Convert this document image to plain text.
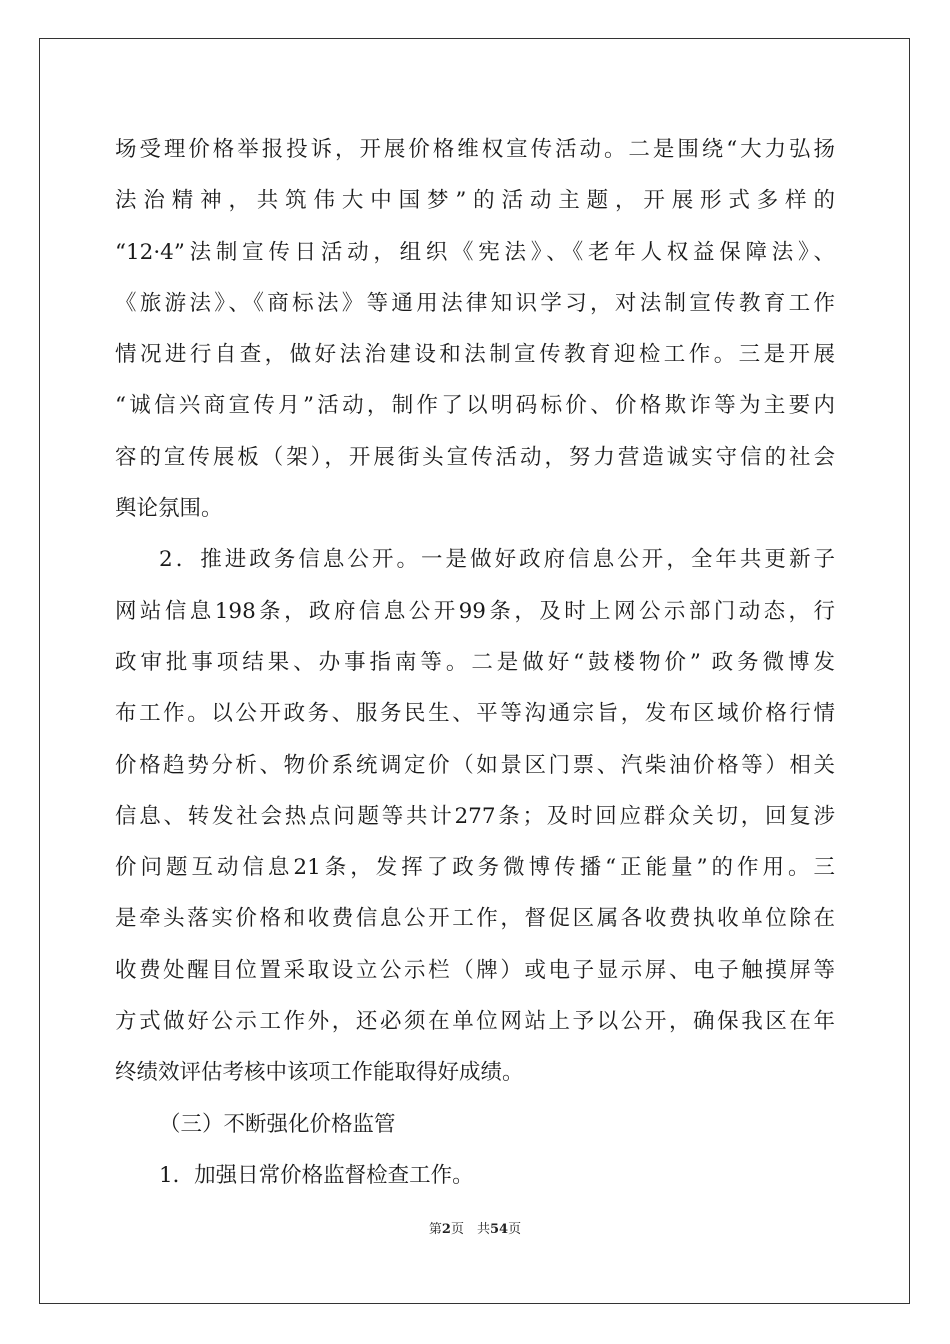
场受理价格举报投诉，开展价格维权宣传活动。二是围绕“大力弘扬
法治精神，共筑伟大中国梦”的活动主题，开展形式多样的
“12·4”法制宣传日活动，组织《宪法》、《老年人权益保障法》、
《旅游法》、《商标法》等通用法律知识学习，对法制宣传教育工作
情况进行自查，做好法治建设和法制宣传教育迎检工作。三是开展
“诚信兴商宣传月”活动，制作了以明码标价、价格欺诈等为主要内
容的宣传展板（架），开展街头宣传活动，努力营造诚实守信的社会
舆论氛围。
2．推进政务信息公开。一是做好政府信息公开，全年共更新子
网站信息198条，政府信息公开99条，及时上网公示部门动态，行
政审批事项结果、办事指南等。二是做好“鼓楼物价” 政务微博发
布工作。以公开政务、服务民生、平等沟通宗旨，发布区域价格行情
价格趋势分析、物价系统调定价（如景区门票、汽柴油价格等）相关
信息、转发社会热点问题等共计277条；及时回应群众关切，回复涉
价问题互动信息21条，发挥了政务微博传播“正能量”的作用。三
是牵头落实价格和收费信息公开工作，督促区属各收费执收单位除在
收费处醒目位置采取设立公示栏（牌）或电子显示屏、电子触摸屏等
方式做好公示工作外，还必须在单位网站上予以公开，确保我区在年
终绩效评估考核中该项工作能取得好成绩。
（三）不断强化价格监管
1．加强日常价格监督检查工作。
第2页　共54页
